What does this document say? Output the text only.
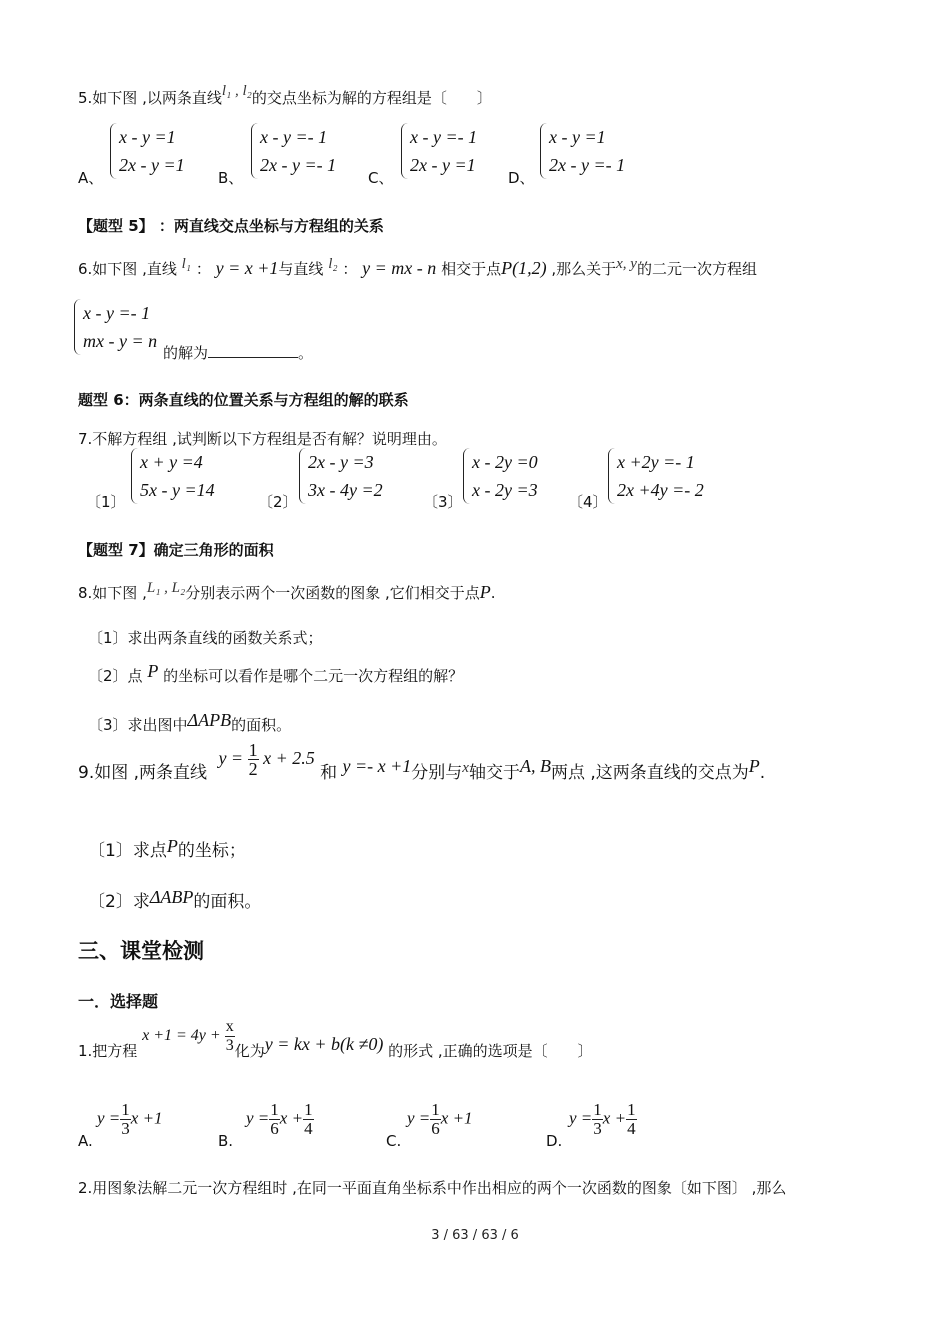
5.如下图 ,以两条直线l₁ , l₂的交点坐标为解的方程组是〔　　〕
A、
x - y =1
2x - y =1
B、
x - y =- 1
2x - y =- 1
C、
x - y =- 1
2x - y =1
D、
x - y =1
2x - y =- 1
【题型 5】 ：两直线交点坐标与方程组的关系
6.如下图 ,直线 l₁ ： y = x +1与直线 l₂ ： y = mx - n 相交于点P(1,2) ,那么关于x, y的二元一次方程组
x - y =- 1
mx - y = n
的解为	。
题型 6：两条直线的位置关系与方程组的解的联系
7.不解方程组 ,试判断以下方程组是否有解？说明理由。
〔1〕
x + y =4
5x - y =14
〔2〕
2x - y =3
3x - 4y =2
〔3〕
x - 2y =0
x - 2y =3
〔4〕
x +2y =- 1
2x +4y =- 2
【题型 7】确定三角形的面积
8.如下图 ,L₁ , L₂分别表示两个一次函数的图象 ,它们相交于点P.
〔1〕求出两条直线的函数关系式；
〔2〕点 P 的坐标可以看作是哪个二元一次方程组的解？
〔3〕求出图中ΔAPB的面积。
9.如图 ,两条直线 $y = \frac{1}{2}$ x + 2.5 和 y =- x +1分别与x轴交于A, B两点 ,这两条直线的交点为P.
〔1〕求点P的坐标；
〔2〕求ΔABP的面积。
三、课堂检测
一．选择题
1.把方程 $x +1 = 4y + \frac{x}{3}$ 化为y = kx + b(k ≠0) 的形式 ,正确的选项是〔　　〕
A.
$y = \frac{1}{3}$ x +1
B.
$y = \frac{1}{6}$ $x + \frac{1}{4}$
C.
$y = \frac{1}{6}$ x +1
D.
$y = \frac{1}{3}$ $x + \frac{1}{4}$
2.用图象法解二元一次方程组时 ,在同一平面直角坐标系中作出相应的两个一次函数的图象〔如下图〕 ,那么
3 / 63 / 63 / 6
